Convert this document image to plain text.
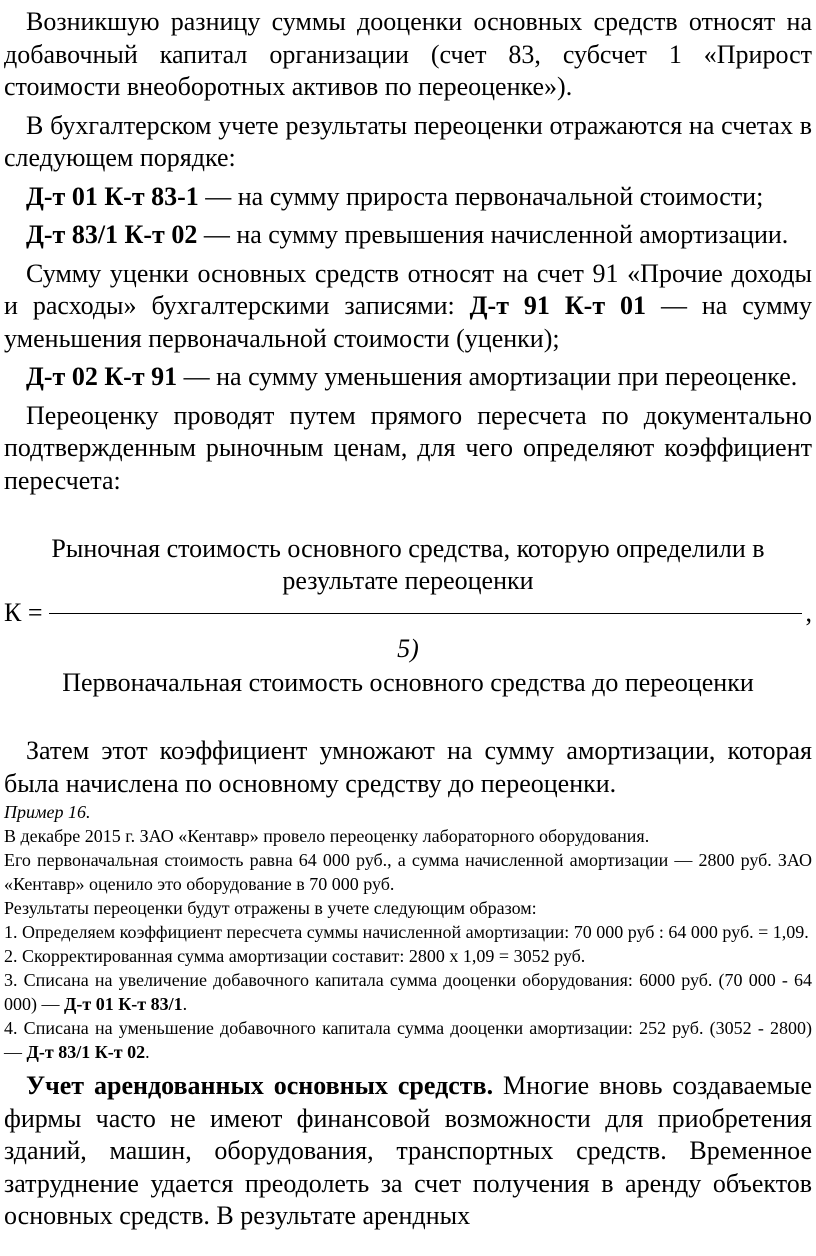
Возникшую разницу суммы дооценки основных средств относят на добавочный капитал организации (счет 83, субсчет 1 «Прирост стоимости внеоборотных активов по переоценке»).

В бухгалтерском учете результаты переоценки отражаются на счетах в следующем порядке:

Д-т 01 К-т 83-1 — на сумму прироста первоначальной стоимости;

Д-т 83/1 К-т 02 — на сумму превышения начисленной амортизации.

Сумму уценки основных средств относят на счет 91 «Прочие доходы и расходы» бухгалтерскими записями: Д-т 91 К-т 01 — на сумму уменьшения первоначальной стоимости (уценки);

Д-т 02 К-т 91 — на сумму уменьшения амортизации при переоценке.

Переоценку проводят путем прямого пересчета по документально подтвержденным рыночным ценам, для чего определяют коэффициент пересчета:

Рыночная стоимость основного средства, которую определили в результате переоценки
К =	,
5)
Первоначальная стоимость основного средства до переоценки

Затем этот коэффициент умножают на сумму амортизации, которая была начислена по основному средству до переоценки.

Пример 16.

В декабре 2015 г. ЗАО «Кентавр» провело переоценку лабораторного оборудования.

Его первоначальная стоимость равна 64 000 руб., а сумма начисленной амортизации — 2800 руб. ЗАО «Кентавр» оценило это оборудование в 70 000 руб.

Результаты переоценки будут отражены в учете следующим образом:

1. Определяем коэффициент пересчета суммы начисленной амортизации: 70 000 руб : 64 000 руб. = 1,09.

2. Скорректированная сумма амортизации составит: 2800 х 1,09 = 3052 руб.

3. Списана на увеличение добавочного капитала сумма дооценки оборудования: 6000 руб. (70 000 - 64 000) — Д-т 01 К-т 83/1.

4. Списана на уменьшение добавочного капитала сумма дооценки амортизации: 252 руб. (3052 - 2800) — Д-т 83/1 К-т 02.

Учет арендованных основных средств. Многие вновь создаваемые фирмы часто не имеют финансовой возможности для приобретения зданий, машин, оборудования, транспортных средств. Временное затруднение удается преодолеть за счет получения в аренду объектов основных средств. В результате арендных
